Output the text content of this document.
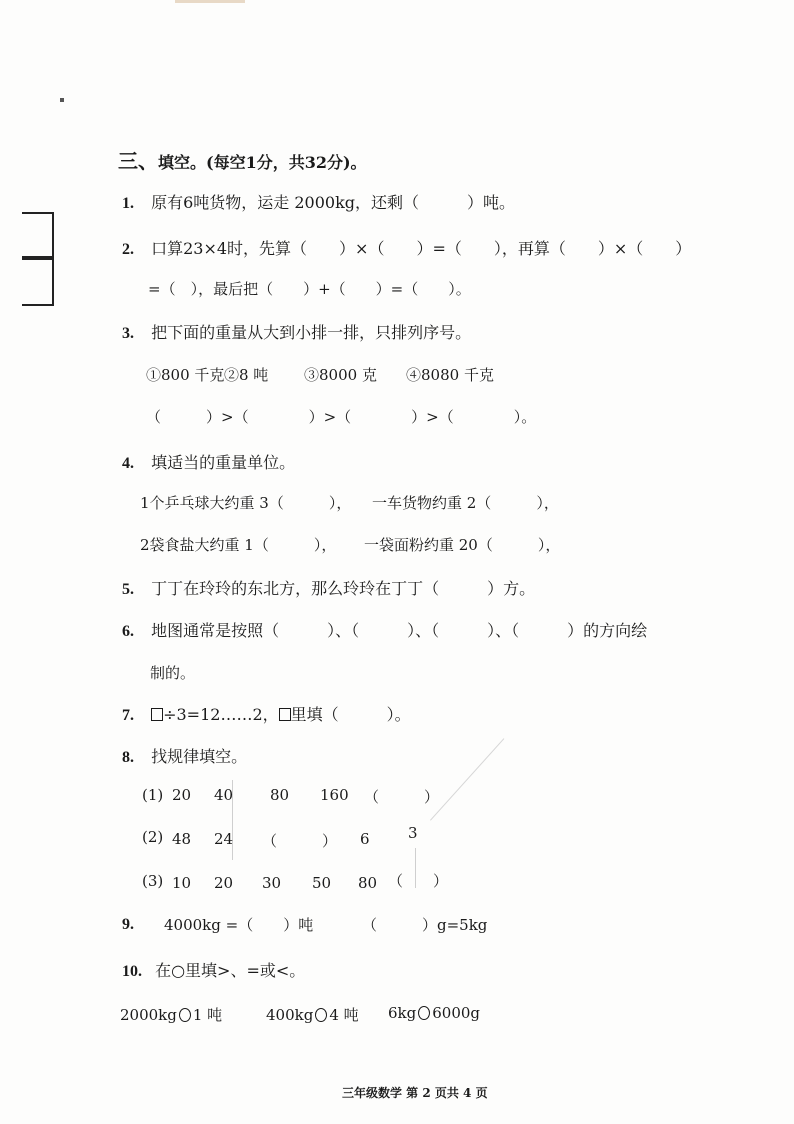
三、填空。(每空1分，共32分)。
1. 原有6吨货物，运走 2000kg，还剩（　　　）吨。
2. 口算23×4时，先算（　　）×（　　）=（　　），再算（　　）×（　　）
=（　），最后把（　　）+（　　）=（　　）。
3. 把下面的重量从大到小排一排，只排列序号。
①800 千克 ②8 吨 ③8000 克 ④8080 千克
（　　　）>（　　　　）>（　　　　）>（　　　　）。
4. 填适当的重量单位。
1个乒乓球大约重 3（　　　）， 一车货物约重 2（　　　），
2袋食盐大约重 1（　　　）， 一袋面粉约重 20（　　　），
5. 丁丁在玲玲的东北方，那么玲玲在丁丁（　　　）方。
6. 地图通常是按照（　　　）、（　　　）、（　　　）、（　　　）的方向绘
制的。
7. ÷3=12……2， 里填（　　　）。
8. 找规律填空。
(1) 20 40 80 160 （　　　）
(2) 48 24 （　　　） 6	3
(3) 10 20 30 50 80 （　　）
9. 4000kg =（　　）吨	（　　　）g=5kg
10. 在○里填>、=或<。
2000kg 1 吨	400kg 4 吨 6kg 6000g
三年级数学 第 2 页共 4 页
